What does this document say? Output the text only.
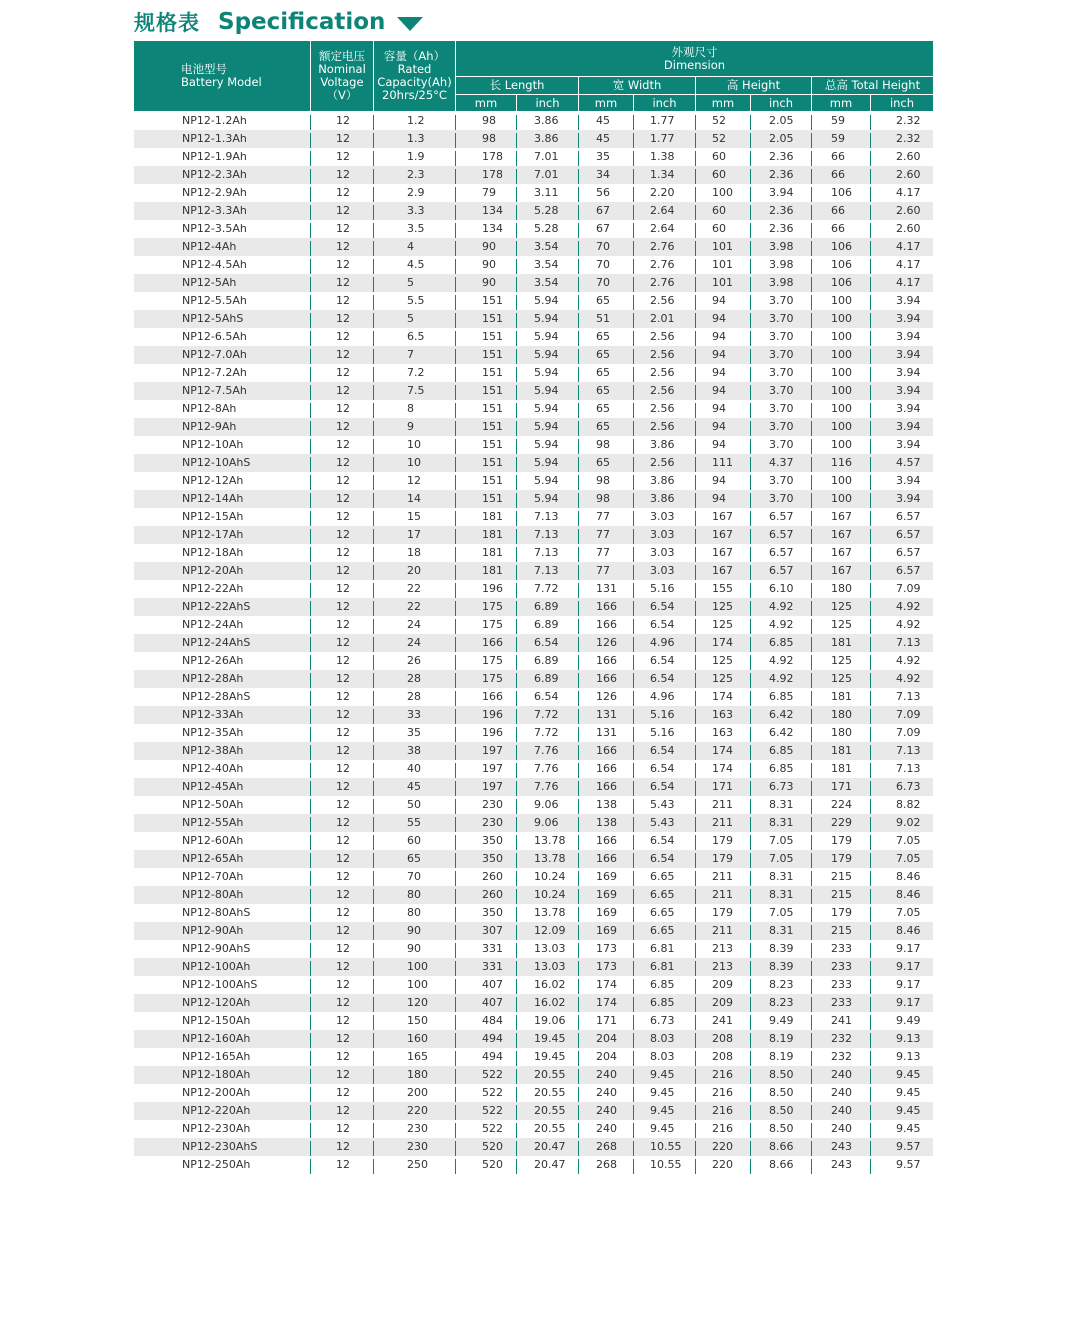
规格表 Specification
电池型号
Battery Model
额定电压
Nominal
Voltage
（V）
容量（Ah）
Rated
Capacity(Ah)
20hrs/25°C
外观尺寸
Dimension
长 Length	宽 Width	高 Height	总高 Total Height
mm	inch	mm	inch	mm	inch	mm	inch
NP12-1.2Ah	12	1.2	98	3.86	45	1.77	52	2.05	59	2.32
NP12-1.3Ah	12	1.3	98	3.86	45	1.77	52	2.05	59	2.32
NP12-1.9Ah	12	1.9	178	7.01	35	1.38	60	2.36	66	2.60
NP12-2.3Ah	12	2.3	178	7.01	34	1.34	60	2.36	66	2.60
NP12-2.9Ah	12	2.9	79	3.11	56	2.20	100	3.94	106	4.17
NP12-3.3Ah	12	3.3	134	5.28	67	2.64	60	2.36	66	2.60
NP12-3.5Ah	12	3.5	134	5.28	67	2.64	60	2.36	66	2.60
NP12-4Ah	12	4	90	3.54	70	2.76	101	3.98	106	4.17
NP12-4.5Ah	12	4.5	90	3.54	70	2.76	101	3.98	106	4.17
NP12-5Ah	12	5	90	3.54	70	2.76	101	3.98	106	4.17
NP12-5.5Ah	12	5.5	151	5.94	65	2.56	94	3.70	100	3.94
NP12-5AhS	12	5	151	5.94	51	2.01	94	3.70	100	3.94
NP12-6.5Ah	12	6.5	151	5.94	65	2.56	94	3.70	100	3.94
NP12-7.0Ah	12	7	151	5.94	65	2.56	94	3.70	100	3.94
NP12-7.2Ah	12	7.2	151	5.94	65	2.56	94	3.70	100	3.94
NP12-7.5Ah	12	7.5	151	5.94	65	2.56	94	3.70	100	3.94
NP12-8Ah	12	8	151	5.94	65	2.56	94	3.70	100	3.94
NP12-9Ah	12	9	151	5.94	65	2.56	94	3.70	100	3.94
NP12-10Ah	12	10	151	5.94	98	3.86	94	3.70	100	3.94
NP12-10AhS	12	10	151	5.94	65	2.56	111	4.37	116	4.57
NP12-12Ah	12	12	151	5.94	98	3.86	94	3.70	100	3.94
NP12-14Ah	12	14	151	5.94	98	3.86	94	3.70	100	3.94
NP12-15Ah	12	15	181	7.13	77	3.03	167	6.57	167	6.57
NP12-17Ah	12	17	181	7.13	77	3.03	167	6.57	167	6.57
NP12-18Ah	12	18	181	7.13	77	3.03	167	6.57	167	6.57
NP12-20Ah	12	20	181	7.13	77	3.03	167	6.57	167	6.57
NP12-22Ah	12	22	196	7.72	131	5.16	155	6.10	180	7.09
NP12-22AhS	12	22	175	6.89	166	6.54	125	4.92	125	4.92
NP12-24Ah	12	24	175	6.89	166	6.54	125	4.92	125	4.92
NP12-24AhS	12	24	166	6.54	126	4.96	174	6.85	181	7.13
NP12-26Ah	12	26	175	6.89	166	6.54	125	4.92	125	4.92
NP12-28Ah	12	28	175	6.89	166	6.54	125	4.92	125	4.92
NP12-28AhS	12	28	166	6.54	126	4.96	174	6.85	181	7.13
NP12-33Ah	12	33	196	7.72	131	5.16	163	6.42	180	7.09
NP12-35Ah	12	35	196	7.72	131	5.16	163	6.42	180	7.09
NP12-38Ah	12	38	197	7.76	166	6.54	174	6.85	181	7.13
NP12-40Ah	12	40	197	7.76	166	6.54	174	6.85	181	7.13
NP12-45Ah	12	45	197	7.76	166	6.54	171	6.73	171	6.73
NP12-50Ah	12	50	230	9.06	138	5.43	211	8.31	224	8.82
NP12-55Ah	12	55	230	9.06	138	5.43	211	8.31	229	9.02
NP12-60Ah	12	60	350	13.78	166	6.54	179	7.05	179	7.05
NP12-65Ah	12	65	350	13.78	166	6.54	179	7.05	179	7.05
NP12-70Ah	12	70	260	10.24	169	6.65	211	8.31	215	8.46
NP12-80Ah	12	80	260	10.24	169	6.65	211	8.31	215	8.46
NP12-80AhS	12	80	350	13.78	169	6.65	179	7.05	179	7.05
NP12-90Ah	12	90	307	12.09	169	6.65	211	8.31	215	8.46
NP12-90AhS	12	90	331	13.03	173	6.81	213	8.39	233	9.17
NP12-100Ah	12	100	331	13.03	173	6.81	213	8.39	233	9.17
NP12-100AhS	12	100	407	16.02	174	6.85	209	8.23	233	9.17
NP12-120Ah	12	120	407	16.02	174	6.85	209	8.23	233	9.17
NP12-150Ah	12	150	484	19.06	171	6.73	241	9.49	241	9.49
NP12-160Ah	12	160	494	19.45	204	8.03	208	8.19	232	9.13
NP12-165Ah	12	165	494	19.45	204	8.03	208	8.19	232	9.13
NP12-180Ah	12	180	522	20.55	240	9.45	216	8.50	240	9.45
NP12-200Ah	12	200	522	20.55	240	9.45	216	8.50	240	9.45
NP12-220Ah	12	220	522	20.55	240	9.45	216	8.50	240	9.45
NP12-230Ah	12	230	522	20.55	240	9.45	216	8.50	240	9.45
NP12-230AhS	12	230	520	20.47	268	10.55	220	8.66	243	9.57
NP12-250Ah	12	250	520	20.47	268	10.55	220	8.66	243	9.57
